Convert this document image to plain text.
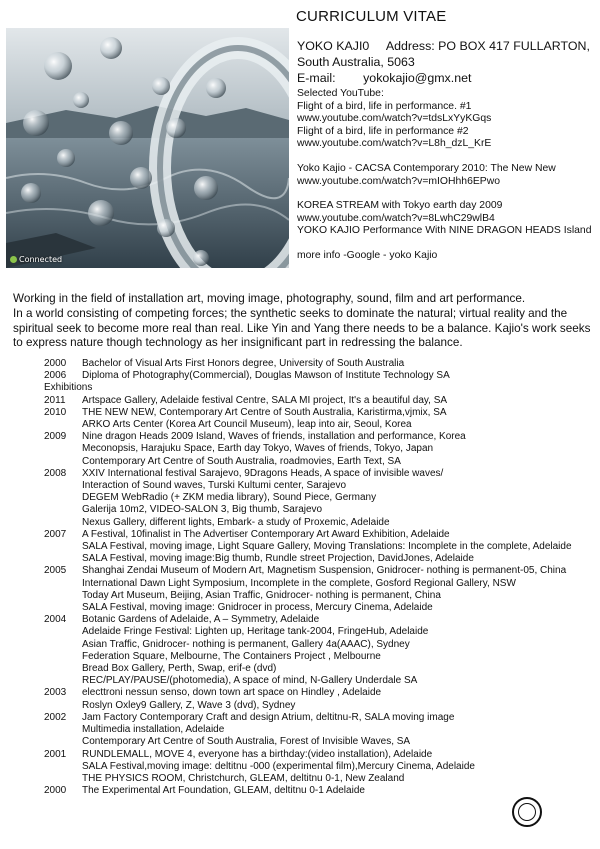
Connected
CURRICULUM VITAE
YOKO KAJI0     Address: PO BOX 417 FULLARTON,
South Australia, 5063
E-mail: yokokajio@gmx.net
Selected YouTube:
Flight of a bird, life in performance. #1
www.youtube.com/watch?v=tdsLxYyKGqs
Flight of a bird, life in performance #2
www.youtube.com/watch?v=L8h_dzL_KrE
Yoko Kajio - CACSA Contemporary 2010: The New New
www.youtube.com/watch?v=mIOHhh6EPwo
KOREA STREAM with Tokyo earth day 2009
www.youtube.com/watch?v=8LwhC29wlB4
YOKO KAJIO Performance With NINE DRAGON HEADS Island
more info -Google - yoko Kajio

Working in the field of installation art, moving image, photography, sound, film and art performance.

In a world consisting of competing forces; the synthetic seeks to dominate the natural; virtual reality and the spiritual seek to become more real than real. Like Yin and Yang there needs to be a balance. Kajio's work seeks to express nature though technology as her insignificant part in redressing the balance.

2000	Bachelor of Visual Arts First Honors degree, University of South Australia
2006	Diploma of Photography(Commercial), Douglas Mawson of Institute Technology SA
Exhibitions
2011	Artspace Gallery, Adelaide festival Centre, SALA MI project, It's a beautiful day, SA
2010	THE NEW NEW, Contemporary Art Centre of South Australia, Karistirma,vjmix, SA
ARKO Arts Center (Korea Art Council Museum), leap into air, Seoul, Korea
2009	Nine dragon Heads 2009 Island, Waves of friends, installation and performance, Korea
Meconopsis, Harajuku Space, Earth day Tokyo, Waves of friends, Tokyo, Japan
Contemporary Art Centre of South Australia, roadmovies, Earth Text, SA
2008	XXIV International festival Sarajevo, 9Dragons Heads, A space of invisible waves/
Interaction of Sound waves, Turski Kultumi center, Sarajevo
DEGEM WebRadio (+ ZKM media library), Sound Piece, Germany
Galerija 10m2, VIDEO-SALON 3, Big thumb, Sarajevo
Nexus Gallery, different lights, Embark- a study of Proxemic, Adelaide
2007	A Festival, 10finalist in The Advertiser Contemporary Art Award Exhibition, Adelaide
SALA Festival, moving image, Light Square Gallery, Moving Translations: Incomplete in the complete, Adelaide
SALA Festival, moving image:Big thumb, Rundle street Projection, DavidJones, Adelaide
2005	Shanghai Zendai Museum of Modern Art, Magnetism Suspension, Gnidrocer- nothing is permanent-05, China
International Dawn Light Symposium, Incomplete in the complete, Gosford Regional Gallery, NSW
Today Art Museum, Beijing, Asian Traffic, Gnidrocer- nothing is permanent, China
SALA Festival, moving image: Gnidrocer in process, Mercury Cinema, Adelaide
2004	Botanic Gardens of Adelaide, A – Symmetry, Adelaide
Adelaide Fringe Festival: Lighten up, Heritage tank-2004, FringeHub, Adelaide
Asian Traffic, Gnidrocer- nothing is permanent, Gallery 4a(AAAC), Sydney
Federation Square, Melbourne, The Containers Project , Melbourne
Bread Box Gallery, Perth, Swap, erif-e (dvd)
REC/PLAY/PAUSE/(photomedia), A space of mind, N-Gallery Underdale SA
2003	electtroni nessun senso, down town art space on Hindley , Adelaide
Roslyn Oxley9 Gallery, Z, Wave 3 (dvd), Sydney
2002	Jam Factory Contemporary Craft and design Atrium, deltitnu-R, SALA moving image
Multimedia installation, Adelaide
Contemporary Art Centre of South Australia, Forest of Invisible Waves, SA
2001	RUNDLEMALL, MOVE 4, everyone has a birthday:(video installation), Adelaide
SALA Festival,moving image: deltitnu -000 (experimental film),Mercury Cinema, Adelaide
THE PHYSICS ROOM, Christchurch, GLEAM, deltitnu 0-1, New Zealand
2000	The Experimental Art Foundation, GLEAM, deltitnu 0-1 Adelaide
